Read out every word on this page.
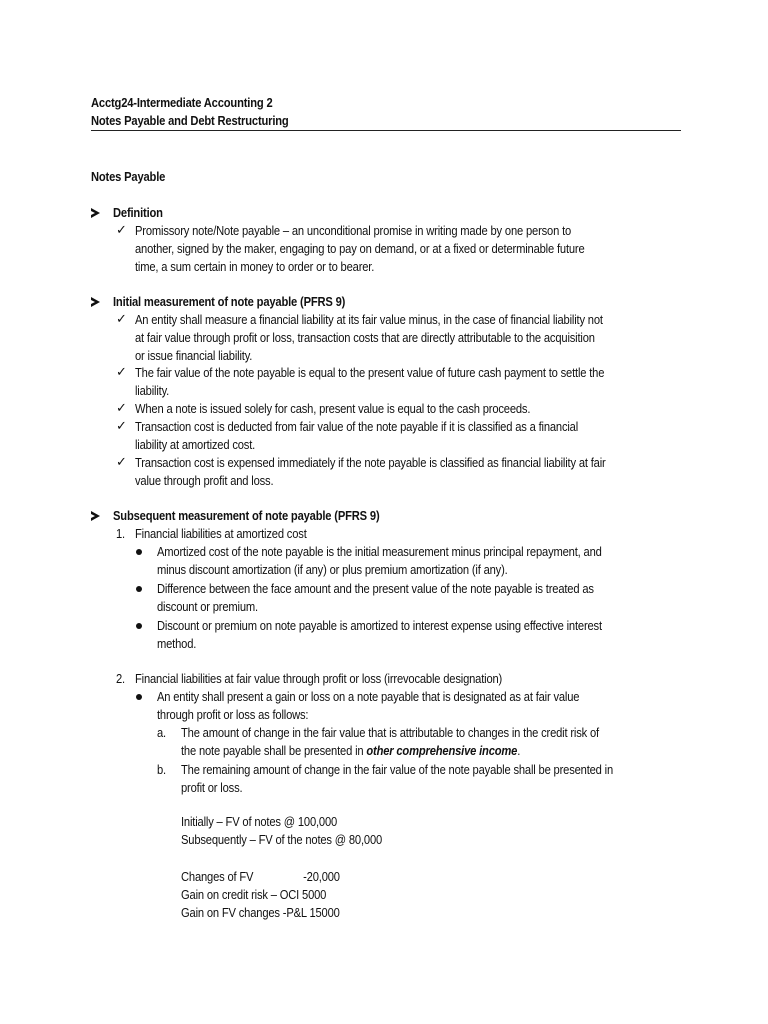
Acctg24-Intermediate Accounting 2
Notes Payable and Debt Restructuring
Notes Payable
Definition
✓ Promissory note/Note payable – an unconditional promise in writing made by one person to
another, signed by the maker, engaging to pay on demand, or at a fixed or determinable future
time, a sum certain in money to order or to bearer.
Initial measurement of note payable (PFRS 9)
✓ An entity shall measure a financial liability at its fair value minus, in the case of financial liability not
at fair value through profit or loss, transaction costs that are directly attributable to the acquisition
or issue financial liability.
✓ The fair value of the note payable is equal to the present value of future cash payment to settle the
liability.
✓ When a note is issued solely for cash, present value is equal to the cash proceeds.
✓ Transaction cost is deducted from fair value of the note payable if it is classified as a financial
liability at amortized cost.
✓ Transaction cost is expensed immediately if the note payable is classified as financial liability at fair
value through profit and loss.
Subsequent measurement of note payable (PFRS 9)
1. Financial liabilities at amortized cost
Amortized cost of the note payable is the initial measurement minus principal repayment, and
minus discount amortization (if any) or plus premium amortization (if any).
Difference between the face amount and the present value of the note payable is treated as
discount or premium.
Discount or premium on note payable is amortized to interest expense using effective interest
method.
2. Financial liabilities at fair value through profit or loss (irrevocable designation)
An entity shall present a gain or loss on a note payable that is designated as at fair value
through profit or loss as follows:
a. The amount of change in the fair value that is attributable to changes in the credit risk of
the note payable shall be presented in other comprehensive income.
b. The remaining amount of change in the fair value of the note payable shall be presented in
profit or loss.
Initially – FV of notes @ 100,000
Subsequently – FV of the notes @ 80,000
Changes of FV	-20,000
Gain on credit risk – OCI 5000
Gain on FV changes -P&L 15000
